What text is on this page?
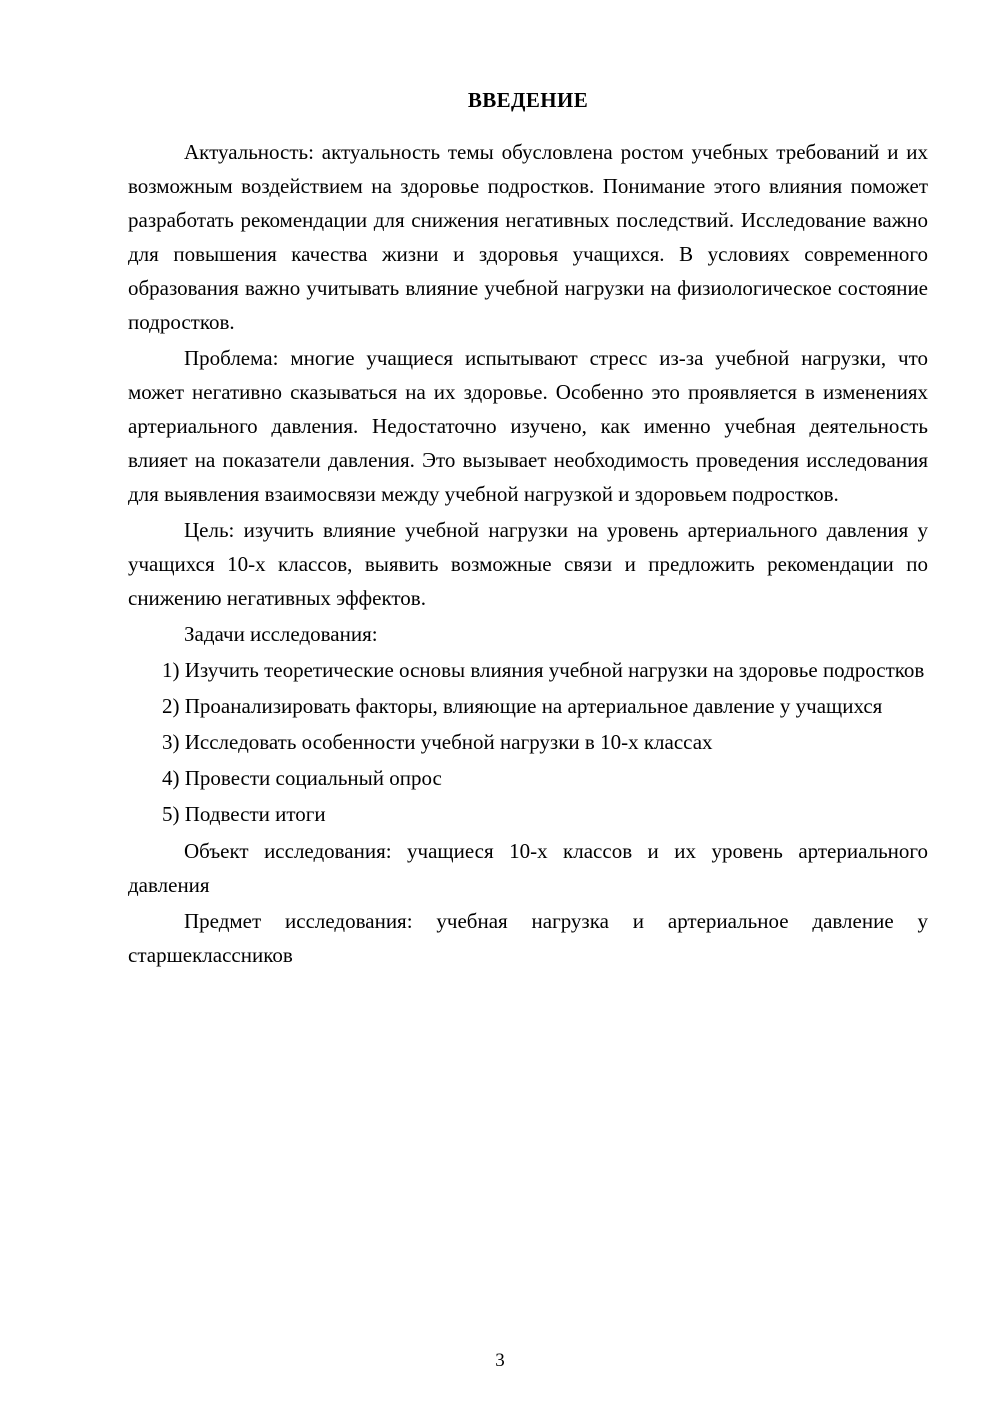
ВВЕДЕНИЕ

Актуальность: актуальность темы обусловлена ростом учебных требований и их возможным воздействием на здоровье подростков. Понимание этого влияния поможет разработать рекомендации для снижения негативных последствий. Исследование важно для повышения качества жизни и здоровья учащихся. В условиях современного образования важно учитывать влияние учебной нагрузки на физиологическое состояние подростков.

Проблема: многие учащиеся испытывают стресс из-за учебной нагрузки, что может негативно сказываться на их здоровье. Особенно это проявляется в изменениях артериального давления. Недостаточно изучено, как именно учебная деятельность влияет на показатели давления. Это вызывает необходимость проведения исследования для выявления взаимосвязи между учебной нагрузкой и здоровьем подростков.

Цель: изучить влияние учебной нагрузки на уровень артериального давления у учащихся 10-х классов, выявить возможные связи и предложить рекомендации по снижению негативных эффектов.

Задачи исследования:

1) Изучить теоретические основы влияния учебной нагрузки на здоровье подростков

2) Проанализировать факторы, влияющие на артериальное давление у учащихся

3) Исследовать особенности учебной нагрузки в 10-х классах

4) Провести социальный опрос

5) Подвести итоги

Объект исследования: учащиеся 10-х классов и их уровень артериального давления

Предмет исследования: учебная нагрузка и артериальное давление у старшеклассников

3
